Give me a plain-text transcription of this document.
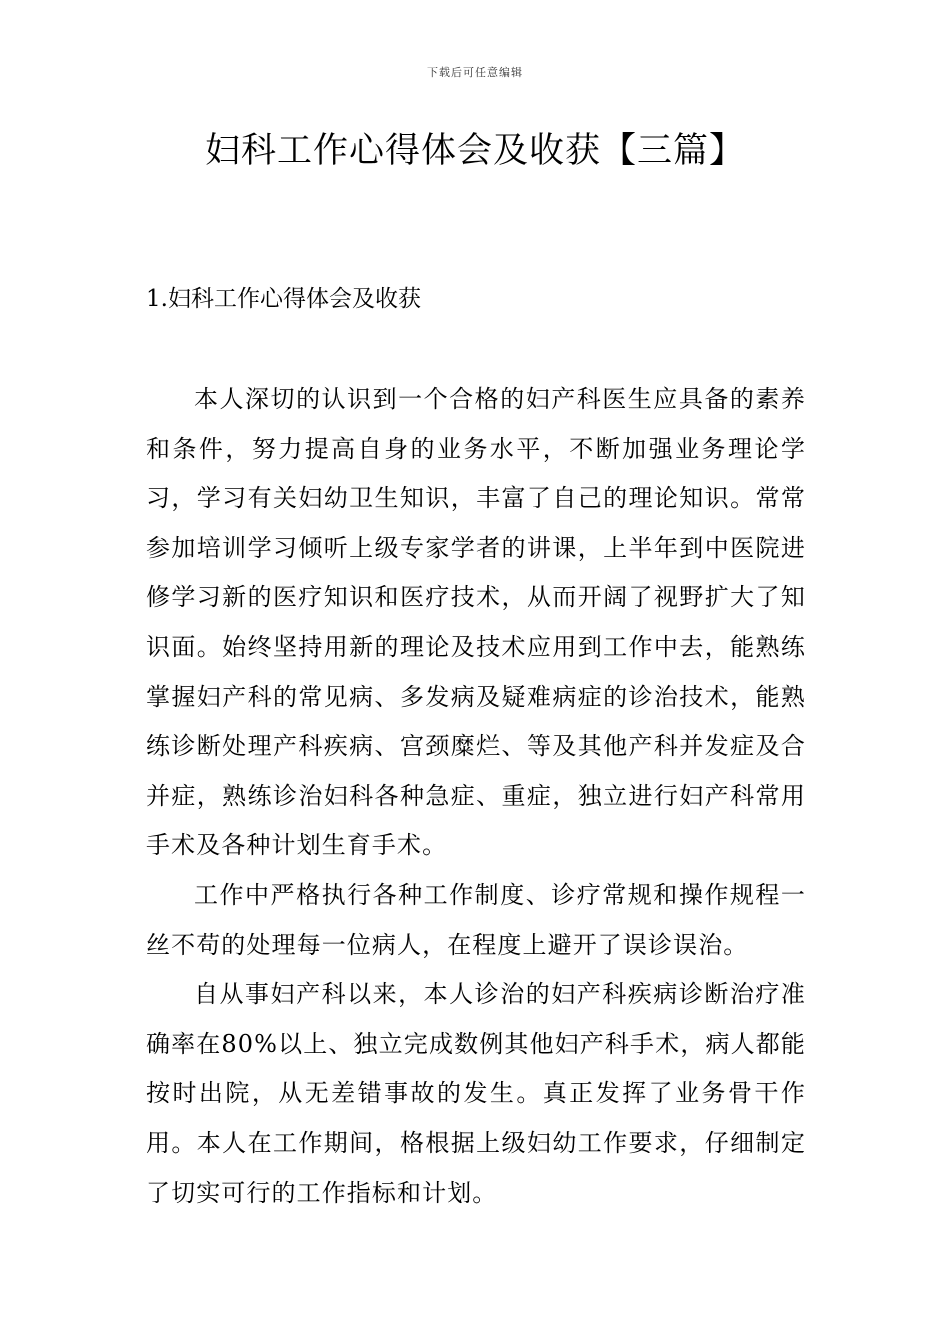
下载后可任意编辑
妇科工作心得体会及收获【三篇】
1.妇科工作心得体会及收获

本人深切的认识到一个合格的妇产科医生应具备的素养和条件，努力提高自身的业务水平，不断加强业务理论学习，学习有关妇幼卫生知识，丰富了自己的理论知识。常常参加培训学习倾听上级专家学者的讲课，上半年到中医院进修学习新的医疗知识和医疗技术，从而开阔了视野扩大了知识面。始终坚持用新的理论及技术应用到工作中去，能熟练掌握妇产科的常见病、多发病及疑难病症的诊治技术，能熟练诊断处理产科疾病、宫颈糜烂、等及其他产科并发症及合并症，熟练诊治妇科各种急症、重症，独立进行妇产科常用手术及各种计划生育手术。

工作中严格执行各种工作制度、诊疗常规和操作规程一丝不苟的处理每一位病人，在程度上避开了误诊误治。

自从事妇产科以来，本人诊治的妇产科疾病诊断治疗准确率在80%以上、独立完成数例其他妇产科手术，病人都能按时出院，从无差错事故的发生。真正发挥了业务骨干作用。本人在工作期间，格根据上级妇幼工作要求，仔细制定了切实可行的工作指标和计划。
